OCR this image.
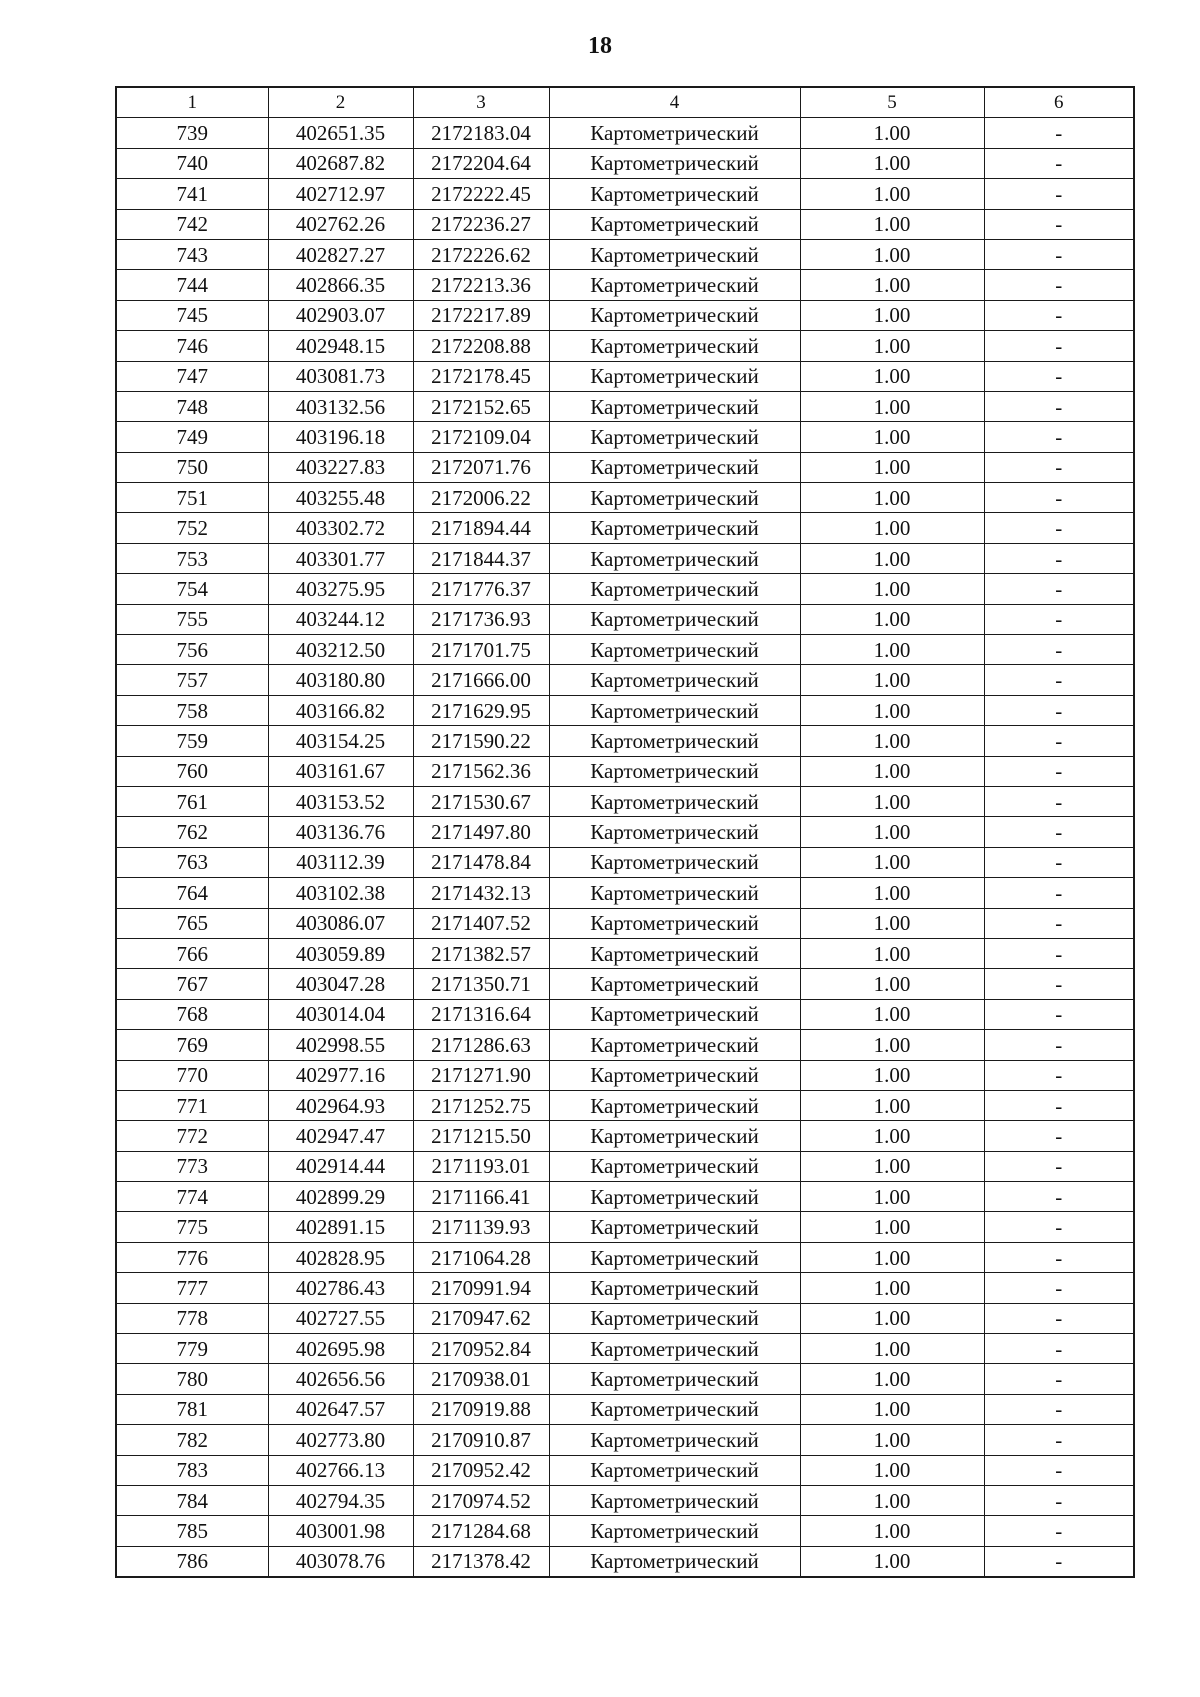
18
1	2	3	4	5	6
739	402651.35	2172183.04	Картометрический	1.00	-
740	402687.82	2172204.64	Картометрический	1.00	-
741	402712.97	2172222.45	Картометрический	1.00	-
742	402762.26	2172236.27	Картометрический	1.00	-
743	402827.27	2172226.62	Картометрический	1.00	-
744	402866.35	2172213.36	Картометрический	1.00	-
745	402903.07	2172217.89	Картометрический	1.00	-
746	402948.15	2172208.88	Картометрический	1.00	-
747	403081.73	2172178.45	Картометрический	1.00	-
748	403132.56	2172152.65	Картометрический	1.00	-
749	403196.18	2172109.04	Картометрический	1.00	-
750	403227.83	2172071.76	Картометрический	1.00	-
751	403255.48	2172006.22	Картометрический	1.00	-
752	403302.72	2171894.44	Картометрический	1.00	-
753	403301.77	2171844.37	Картометрический	1.00	-
754	403275.95	2171776.37	Картометрический	1.00	-
755	403244.12	2171736.93	Картометрический	1.00	-
756	403212.50	2171701.75	Картометрический	1.00	-
757	403180.80	2171666.00	Картометрический	1.00	-
758	403166.82	2171629.95	Картометрический	1.00	-
759	403154.25	2171590.22	Картометрический	1.00	-
760	403161.67	2171562.36	Картометрический	1.00	-
761	403153.52	2171530.67	Картометрический	1.00	-
762	403136.76	2171497.80	Картометрический	1.00	-
763	403112.39	2171478.84	Картометрический	1.00	-
764	403102.38	2171432.13	Картометрический	1.00	-
765	403086.07	2171407.52	Картометрический	1.00	-
766	403059.89	2171382.57	Картометрический	1.00	-
767	403047.28	2171350.71	Картометрический	1.00	-
768	403014.04	2171316.64	Картометрический	1.00	-
769	402998.55	2171286.63	Картометрический	1.00	-
770	402977.16	2171271.90	Картометрический	1.00	-
771	402964.93	2171252.75	Картометрический	1.00	-
772	402947.47	2171215.50	Картометрический	1.00	-
773	402914.44	2171193.01	Картометрический	1.00	-
774	402899.29	2171166.41	Картометрический	1.00	-
775	402891.15	2171139.93	Картометрический	1.00	-
776	402828.95	2171064.28	Картометрический	1.00	-
777	402786.43	2170991.94	Картометрический	1.00	-
778	402727.55	2170947.62	Картометрический	1.00	-
779	402695.98	2170952.84	Картометрический	1.00	-
780	402656.56	2170938.01	Картометрический	1.00	-
781	402647.57	2170919.88	Картометрический	1.00	-
782	402773.80	2170910.87	Картометрический	1.00	-
783	402766.13	2170952.42	Картометрический	1.00	-
784	402794.35	2170974.52	Картометрический	1.00	-
785	403001.98	2171284.68	Картометрический	1.00	-
786	403078.76	2171378.42	Картометрический	1.00	-
